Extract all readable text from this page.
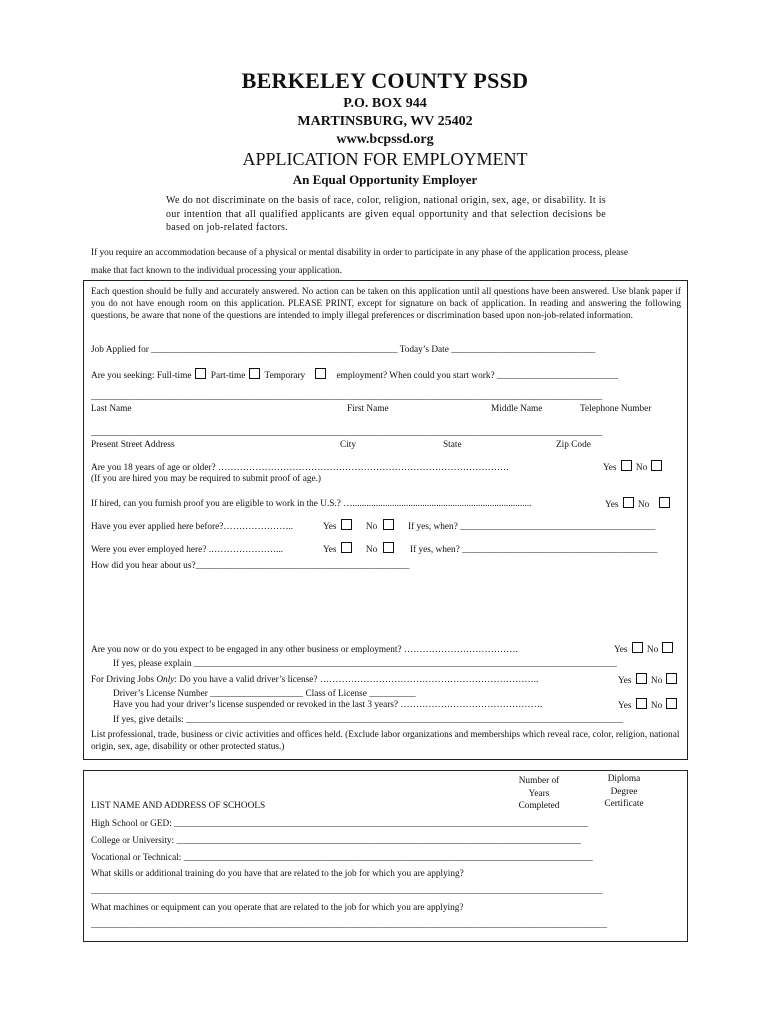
BERKELEY COUNTY PSSD
P.O. BOX 944
MARTINSBURG, WV 25402
www.bcpssd.org
APPLICATION FOR EMPLOYMENT
An Equal Opportunity Employer
We do not discriminate on the basis of race, color, religion, national origin, sex, age, or disability. It is our intention that all qualified applicants are given equal opportunity and that selection decisions be based on job-related factors.
If you require an accommodation because of a physical or mental disability in order to participate in any phase of the application process, please
make that fact known to the individual processing your application.
Each question should be fully and accurately answered. No action can be taken on this application until all questions have been answered. Use blank paper if you do not have enough room on this application. PLEASE PRINT, except for signature on back of application. In reading and answering the following questions, be aware that none of the questions are intended to imply illegal preferences or discrimination based upon non-job-related information.
Job Applied for _____________________________________________________ Today’s Date _______________________________
Are you seeking: Full-time Part-time Temporary	employment? When could you start work? __________________________
______________________________________________________________________________________________________________
Last Name	First Name	Middle Name	Telephone Number
______________________________________________________________________________________________________________
Present Street Address	City	State	Zip Code
Are you 18 years of age or older? ………………………………………………………………………………….	Yes No
(If you are hired you may be required to submit proof of age.)
If hired, can you furnish proof you are eligible to work in the U.S.? ….............................................................................	Yes No
Have you ever applied here before?…………………..	Yes	No	If yes, when? __________________________________________
Were you ever employed here? .…………………...	Yes	No	If yes, when? __________________________________________
How did you hear about us?______________________________________________
Are you now or do you expect to be engaged in any other business or employment? ……………………………….	Yes No
If yes, please explain ___________________________________________________________________________________________
For Driving Jobs Only: Do you have a valid driver’s license? ……………………………………………………………..	Yes No
Driver’s License Number ____________________ Class of License __________
Have you had your driver’s license suspended or revoked in the last 3 years? ……………………………………….	Yes No
If yes, give details: ______________________________________________________________________________________________
List professional, trade, business or civic activities and offices held. (Exclude labor organizations and memberships which reveal race, color, religion, national origin, sex, age, disability or other protected status.)
Number of
Years
Completed
Diploma
Degree
Certificate
LIST NAME AND ADDRESS OF SCHOOLS
High School or GED: _________________________________________________________________________________________
College or University: _______________________________________________________________________________________
Vocational or Technical: ________________________________________________________________________________________
What skills or additional training do you have that are related to the job for which you are applying?
______________________________________________________________________________________________________________
What machines or equipment can you operate that are related to the job for which you are applying?
_______________________________________________________________________________________________________________
